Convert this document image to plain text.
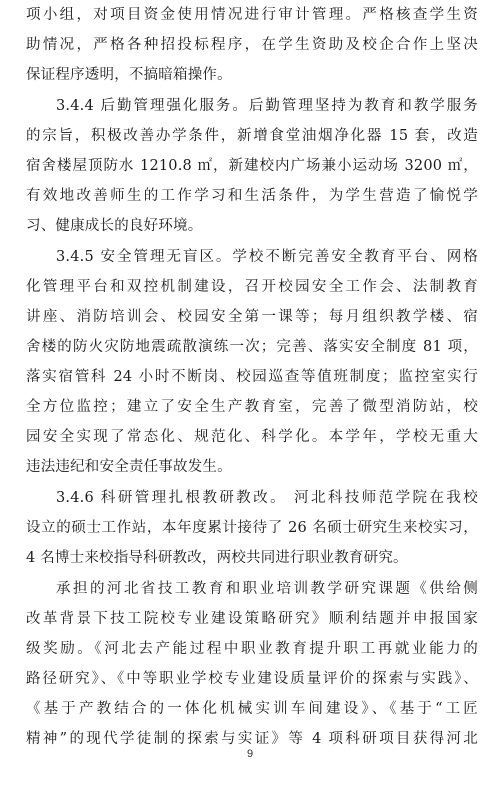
项小组，对项目资金使用情况进行审计管理。严格核查学生资
助情况，严格各种招投标程序，在学生资助及校企合作上坚决
保证程序透明，不搞暗箱操作。
3.4.4 后勤管理强化服务。后勤管理坚持为教育和教学服务
的宗旨，积极改善办学条件，新增食堂油烟净化器 15 套，改造
宿舍楼屋顶防水 1210.8 ㎡，新建校内广场兼小运动场 3200 ㎡，
有效地改善师生的工作学习和生活条件，为学生营造了愉悦学
习、健康成长的良好环境。
3.4.5 安全管理无盲区。学校不断完善安全教育平台、网格
化管理平台和双控机制建设，召开校园安全工作会、法制教育
讲座、消防培训会、校园安全第一课等；每月组织教学楼、宿
舍楼的防火灾防地震疏散演练一次；完善、落实安全制度 81 项，
落实宿管科 24 小时不断岗、校园巡查等值班制度；监控室实行
全方位监控；建立了安全生产教育室，完善了微型消防站，校
园安全实现了常态化、规范化、科学化。本学年，学校无重大
违法违纪和安全责任事故发生。
3.4.6 科研管理扎根教研教改。 河北科技师范学院在我校
设立的硕士工作站，本年度累计接待了 26 名硕士研究生来校实习，
4 名博士来校指导科研教改，两校共同进行职业教育研究。
承担的河北省技工教育和职业培训教学研究课题《供给侧
改革背景下技工院校专业建设策略研究》顺利结题并申报国家
级奖励。《河北去产能过程中职业教育提升职工再就业能力的
路径研究》、《中等职业学校专业建设质量评价的探索与实践》、
《基于产教结合的一体化机械实训车间建设》、《基于“工匠
精神”的现代学徒制的探索与实证》等 4 项科研项目获得河北
9
